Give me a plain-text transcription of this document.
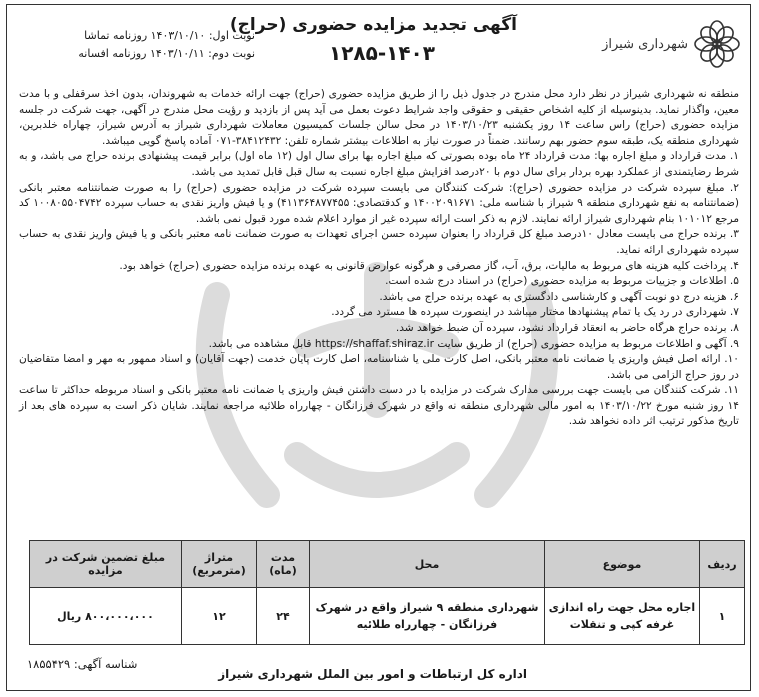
شهرداری شیراز
آگهی تجدید مزایده حضوری (حراج)
۱۲۸۵-۱۴۰۳
نوبت اول: ۱۴۰۳/۱۰/۱۰ روزنامه تماشا
نوبت دوم: ۱۴۰۳/۱۰/۱۱ روزنامه افسانه

منطقه نه شهرداری شیراز در نظر دارد محل مندرج در جدول ذیل را از طریق مزایده حضوری (حراج) جهت ارائه خدمات به شهروندان، بدون اخذ سرقفلی و با مدت معین، واگذار نماید. بدینوسیله از کلیه اشخاص حقیقی و حقوقی واجد شرایط دعوت بعمل می آید پس از بازدید و رؤیت محل مندرج در آگهی، جهت شرکت در جلسه مزایده حضوری (حراج) راس ساعت ۱۴ روز یکشنبه ۱۴۰۳/۱۰/۲۳ در محل سالن جلسات کمیسیون معاملات شهرداری شیراز به آدرس شیراز، چهاراه خلدبرین، شهرداری منطقه یک، طبقه سوم حضور بهم رسانند. ضمناً در صورت نیاز به اطلاعات بیشتر شماره تلفن: ۳۸۴۱۲۴۳۲-۰۷۱ آماده پاسخ گویی میباشد.

۱. مدت قرارداد و مبلغ اجاره بها: مدت قرارداد ۲۴ ماه بوده بصورتی که مبلغ اجاره بها برای سال اول (۱۲ ماه اول) برابر قیمت پیشنهادی برنده حراج می باشد، و به شرط رضایتمندی از عملکرد بهره بردار برای سال دوم با ۲۰درصد افزایش مبلغ اجاره نسبت به سال قبل قابل تمدید می باشد.

۲. مبلغ سپرده شرکت در مزایده حضوری (حراج): شرکت کنندگان می بایست سپرده شرکت در مزایده حضوری (حراج) را به صورت ضمانتنامه معتبر بانکی (ضمانتنامه به نفع شهرداری منطقه ۹ شیراز با شناسه ملی: ۱۴۰۰۲۰۹۱۶۷۱ و کدقتصادی: ۴۱۱۳۶۴۸۷۷۴۵۵) و یا فیش واریز نقدی به حساب سپرده ۱۰۰۸۰۵۵۰۴۷۴۲ کد مرجع ۱۰۱۰۱۲ بنام شهرداری شیراز ارائه نمایند. لازم به ذکر است ارائه سپرده غیر از موارد اعلام شده مورد قبول نمی باشد.

۳. برنده حراج می بایست معادل ۱۰درصد مبلغ کل قرارداد را بعنوان سپرده حسن اجرای تعهدات به صورت ضمانت نامه معتبر بانکی و یا فیش واریز نقدی به حساب سپرده شهرداری ارائه نماید.

۴. پرداخت کلیه هزینه های مربوط به مالیات، برق، آب، گاز مصرفی و هرگونه عوارض قانونی به عهده برنده مزایده حضوری (حراج) خواهد بود.

۵. اطلاعات و جزییات مربوط به مزایده حضوری (حراج) در اسناد درج شده است.

۶. هزینه درج دو نوبت آگهی و کارشناسی دادگستری به عهده برنده حراج می باشد.

۷. شهرداری در رد یک یا تمام پیشنهادها مختار میباشد در اینصورت سپرده ها مسترد می گردد.

۸. برنده حراج هرگاه حاضر به انعقاد قرارداد نشود، سپرده آن ضبط خواهد شد.

۹. آگهی و اطلاعات مربوط به مزایده حضوری (حراج) از طریق سایت https://shaffaf.shiraz.ir قابل مشاهده می باشد.

۱۰. ارائه اصل فیش واریزی یا ضمانت نامه معتبر بانکی، اصل کارت ملی یا شناسنامه، اصل کارت پایان خدمت (جهت آقایان) و اسناد ممهور به مهر و امضا متقاضیان در روز حراج الزامی می باشد.

۱۱. شرکت کنندگان می بایست جهت بررسی مدارک شرکت در مزایده با در دست داشتن فیش واریزی یا ضمانت نامه معتبر بانکی و اسناد مربوطه حداکثر تا ساعت ۱۴ روز شنبه مورخ ۱۴۰۳/۱۰/۲۲ به امور مالی شهرداری منطقه نه واقع در شهرک فرزانگان - چهارراه طلائیه مراجعه نمایند. شایان ذکر است به سپرده های بعد از تاریخ مذکور ترتیب اثر داده نخواهد شد.

ردیف	موضوع	محل	مدت (ماه)	متراژ (مترمربع)	مبلغ تضمین شرکت در مزایده
۱	اجاره محل جهت راه اندازی غرفه کپی و تنقلات	شهرداری منطقه ۹ شیراز واقع در شهرک فرزانگان - چهارراه طلائیه	۲۴	۱۲	۸۰۰،۰۰۰،۰۰۰ ریال
شناسه آگهی: ۱۸۵۵۴۲۹
اداره کل ارتباطات و امور بین الملل شهرداری شیراز
